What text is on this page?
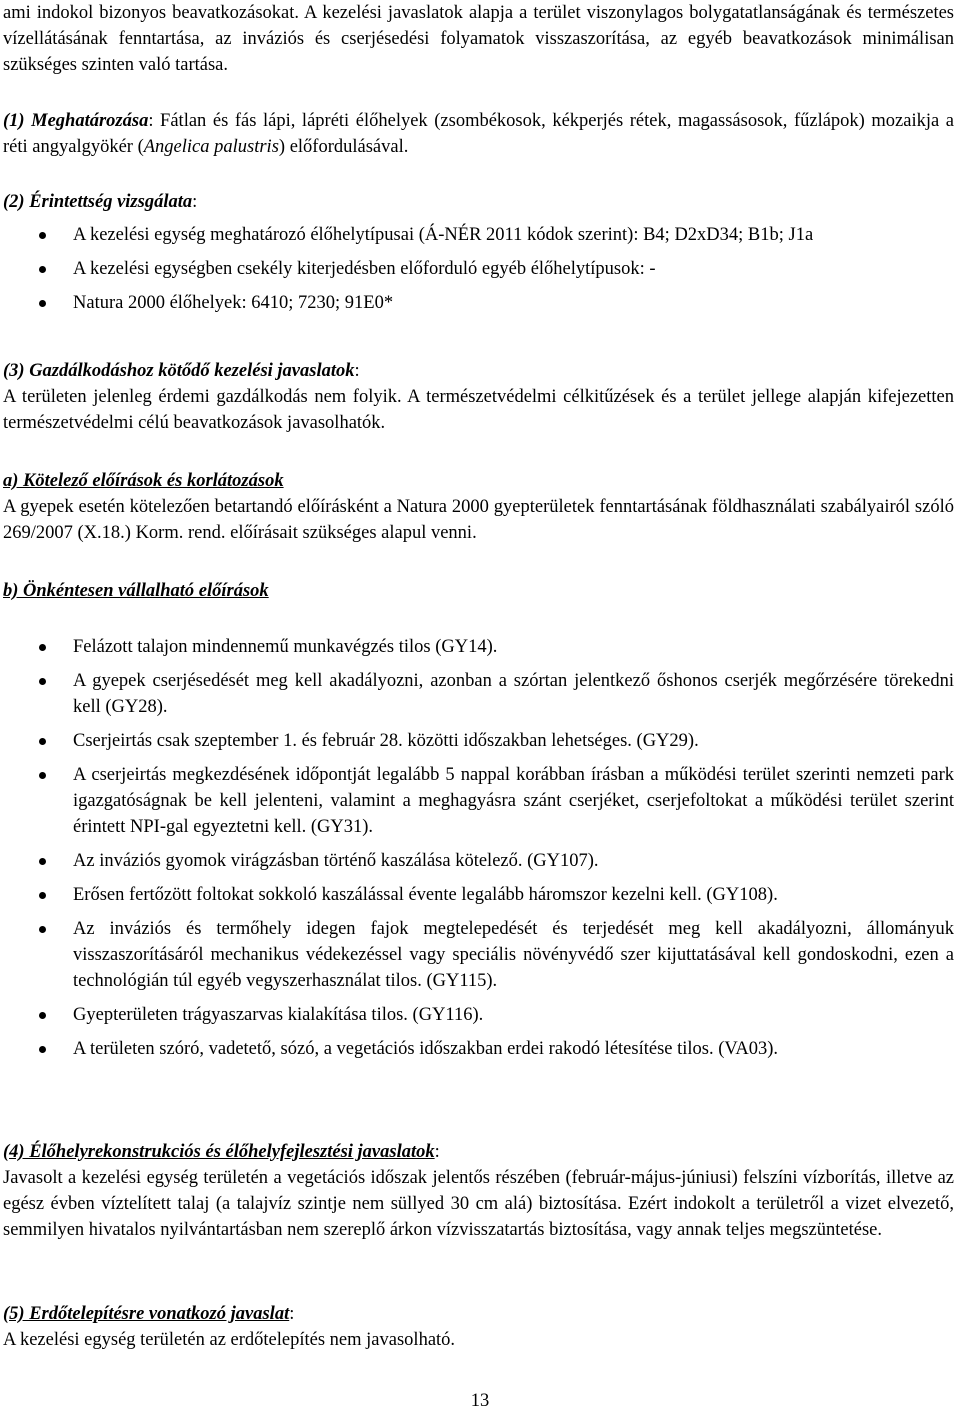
ami indokol bizonyos beavatkozásokat. A kezelési javaslatok alapja a terület viszonylagos bolygatatlanságának és természetes vízellátásának fenntartása, az inváziós és cserjésedési folyamatok visszaszorítása, az egyéb beavatkozások minimálisan szükséges szinten való tartása.

(1) Meghatározása: Fátlan és fás lápi, lápréti élőhelyek (zsombékosok, kékperjés rétek, magassásosok, fűzlápok) mozaikja a réti angyalgyökér (Angelica palustris) előfordulásával.

(2) Érintettség vizsgálata:

A kezelési egység meghatározó élőhelytípusai (Á-NÉR 2011 kódok szerint): B4; D2xD34; B1b; J1a
A kezelési egységben csekély kiterjedésben előforduló egyéb élőhelytípusok: -
Natura 2000 élőhelyek: 6410; 7230; 91E0*

(3) Gazdálkodáshoz kötődő kezelési javaslatok:

A területen jelenleg érdemi gazdálkodás nem folyik. A természetvédelmi célkitűzések és a terület jellege alapján kifejezetten természetvédelmi célú beavatkozások javasolhatók.

a) Kötelező előírások és korlátozások

A gyepek esetén kötelezően betartandó előírásként a Natura 2000 gyepterületek fenntartásának földhasználati szabályairól szóló 269/2007 (X.18.) Korm. rend. előírásait szükséges alapul venni.

b) Önkéntesen vállalható előírások

Felázott talajon mindennemű munkavégzés tilos (GY14).
A gyepek cserjésedését meg kell akadályozni, azonban a szórtan jelentkező őshonos cserjék megőrzésére törekedni kell (GY28).
Cserjeirtás csak szeptember 1. és február 28. közötti időszakban lehetséges. (GY29).
A cserjeirtás megkezdésének időpontját legalább 5 nappal korábban írásban a működési terület szerinti nemzeti park igazgatóságnak be kell jelenteni, valamint a meghagyásra szánt cserjéket, cserjefoltokat a működési terület szerint érintett NPI-gal egyeztetni kell. (GY31).
Az inváziós gyomok virágzásban történő kaszálása kötelező. (GY107).
Erősen fertőzött foltokat sokkoló kaszálással évente legalább háromszor kezelni kell. (GY108).
Az inváziós és termőhely idegen fajok megtelepedését és terjedését meg kell akadályozni, állományuk visszaszorításáról mechanikus védekezéssel vagy speciális növényvédő szer kijuttatásával kell gondoskodni, ezen a technológián túl egyéb vegyszerhasználat tilos. (GY115).
Gyepterületen trágyaszarvas kialakítása tilos. (GY116).
A területen szóró, vadetető, sózó, a vegetációs időszakban erdei rakodó létesítése tilos. (VA03).

(4) Élőhelyrekonstrukciós és élőhelyfejlesztési javaslatok:

Javasolt a kezelési egység területén a vegetációs időszak jelentős részében (február-május-júniusi) felszíni vízborítás, illetve az egész évben víztelített talaj (a talajvíz szintje nem süllyed 30 cm alá) biztosítása. Ezért indokolt a területről a vizet elvezető, semmilyen hivatalos nyilvántartásban nem szereplő árkon vízvisszatartás biztosítása, vagy annak teljes megszüntetése.

(5) Erdőtelepítésre vonatkozó javaslat:

A kezelési egység területén az erdőtelepítés nem javasolható.

13
